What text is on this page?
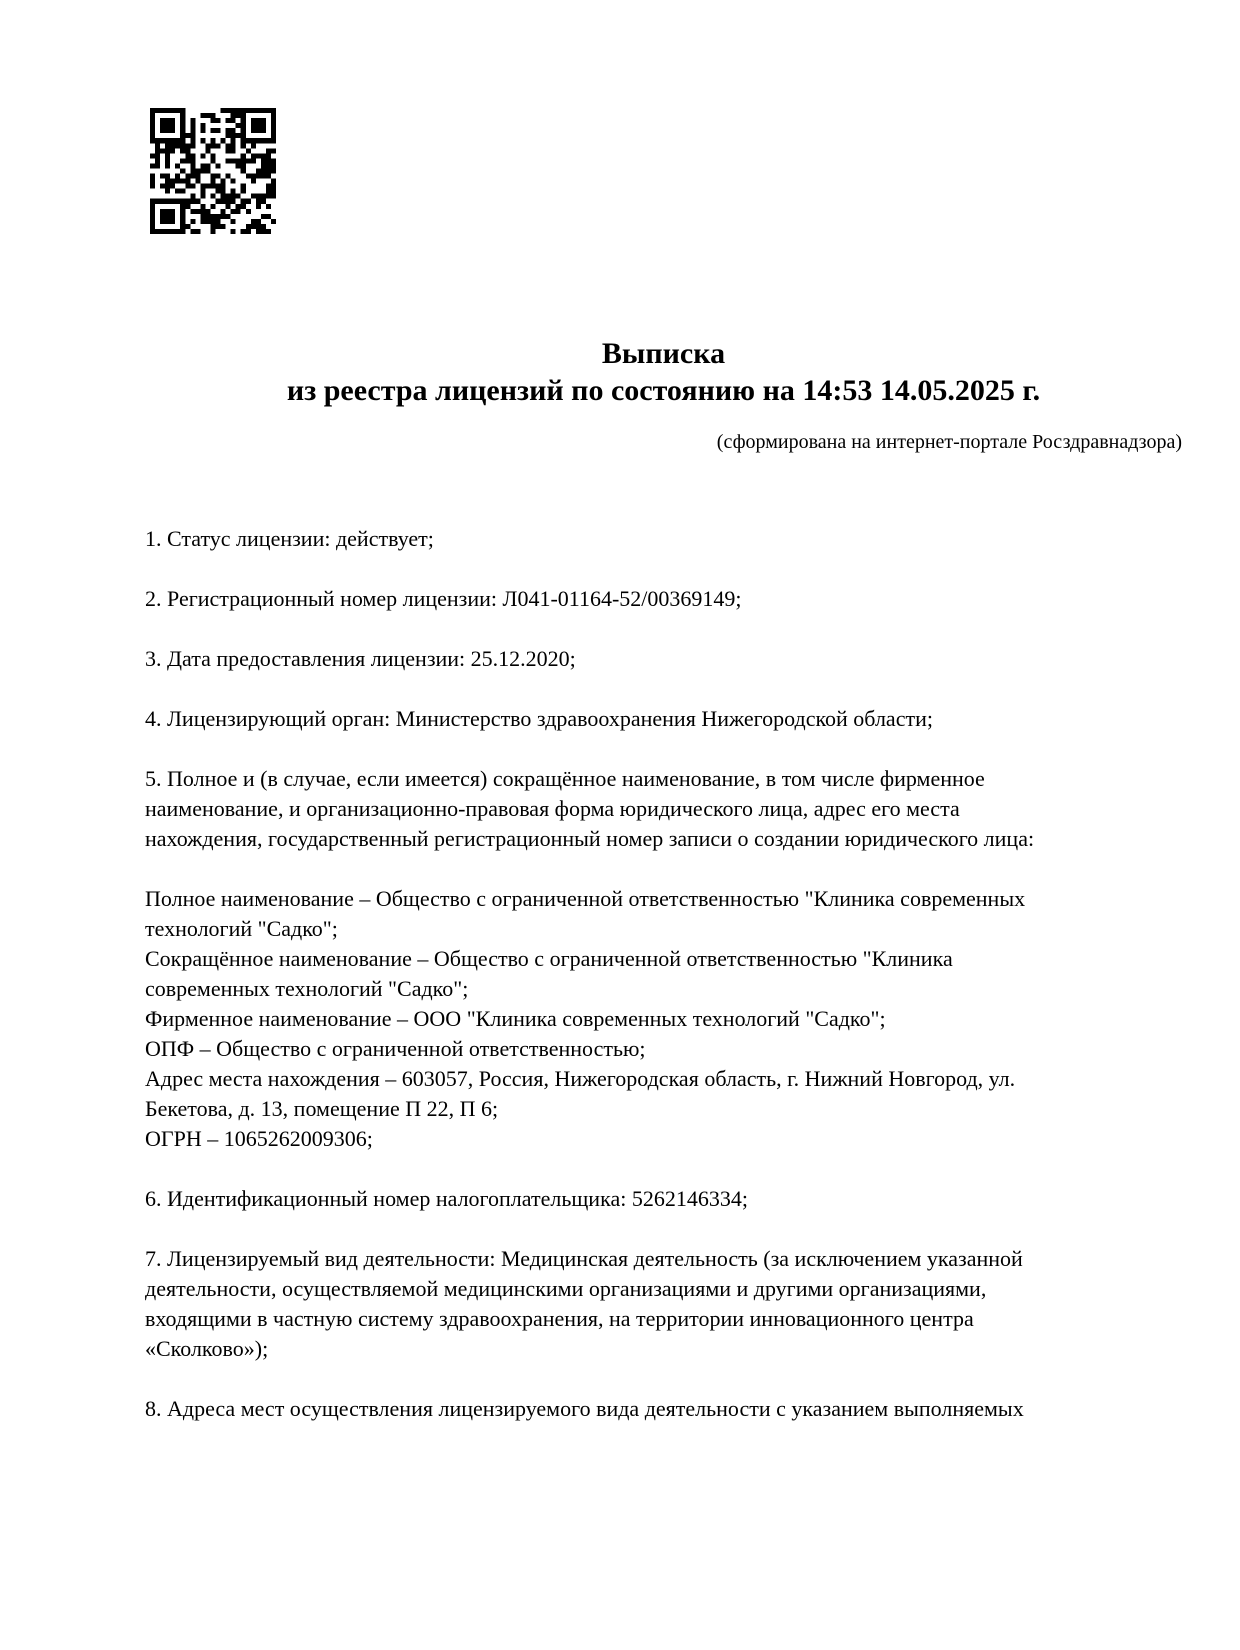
Выписка
из реестра лицензий по состоянию на 14:53 14.05.2025 г.
(сформирована на интернет-портале Росздравнадзора)

1. Статус лицензии: действует;

2. Регистрационный номер лицензии: Л041-01164-52/00369149;

3. Дата предоставления лицензии: 25.12.2020;

4. Лицензирующий орган: Министерство здравоохранения Нижегородской области;

5. Полное и (в случае, если имеется) сокращённое наименование, в том числе фирменное
наименование, и организационно-правовая форма юридического лица, адрес его места
нахождения, государственный регистрационный номер записи о создании юридического лица:

Полное наименование – Общество с ограниченной ответственностью "Клиника современных
технологий "Садко";
Сокращённое наименование – Общество с ограниченной ответственностью "Клиника
современных технологий "Садко";
Фирменное наименование – ООО "Клиника современных технологий "Садко";
ОПФ – Общество с ограниченной ответственностью;
Адрес места нахождения – 603057, Россия, Нижегородская область, г. Нижний Новгород, ул.
Бекетова, д. 13, помещение П 22, П 6;
ОГРН – 1065262009306;

6. Идентификационный номер налогоплательщика: 5262146334;

7. Лицензируемый вид деятельности: Медицинская деятельность (за исключением указанной
деятельности, осуществляемой медицинскими организациями и другими организациями,
входящими в частную систему здравоохранения, на территории инновационного центра
«Сколково»);

8. Адреса мест осуществления лицензируемого вида деятельности с указанием выполняемых
